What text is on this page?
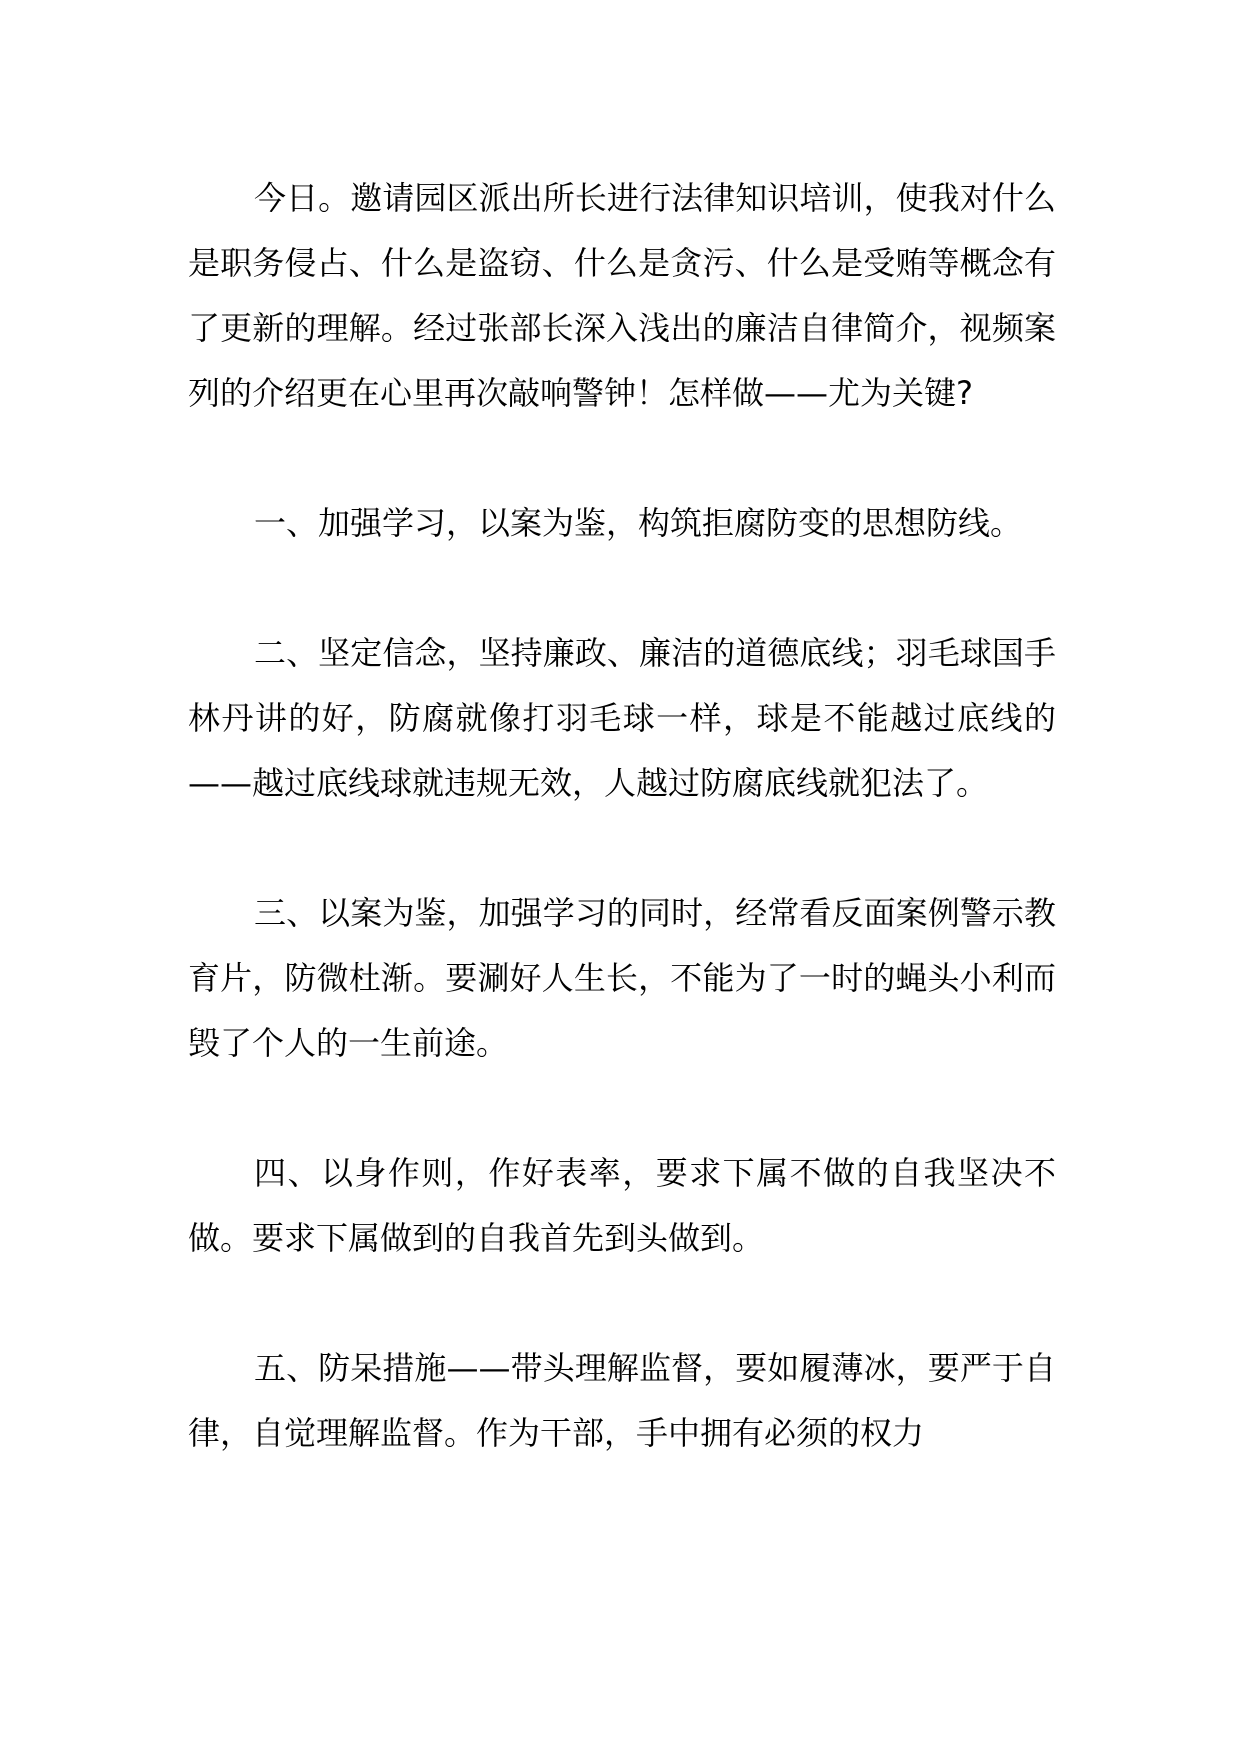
今日。邀请园区派出所长进行法律知识培训，使我对什么是职务侵占、什么是盗窃、什么是贪污、什么是受贿等概念有了更新的理解。经过张部长深入浅出的廉洁自律简介，视频案列的介绍更在心里再次敲响警钟！怎样做——尤为关键?

一、加强学习，以案为鉴，构筑拒腐防变的思想防线。

二、坚定信念，坚持廉政、廉洁的道德底线；羽毛球国手林丹讲的好，防腐就像打羽毛球一样，球是不能越过底线的——越过底线球就违规无效，人越过防腐底线就犯法了。

三、以案为鉴，加强学习的同时，经常看反面案例警示教育片，防微杜渐。要涮好人生长，不能为了一时的蝇头小利而毁了个人的一生前途。

四、以身作则，作好表率，要求下属不做的自我坚决不做。要求下属做到的自我首先到头做到。

五、防呆措施——带头理解监督，要如履薄冰，要严于自律，自觉理解监督。作为干部，手中拥有必须的权力
